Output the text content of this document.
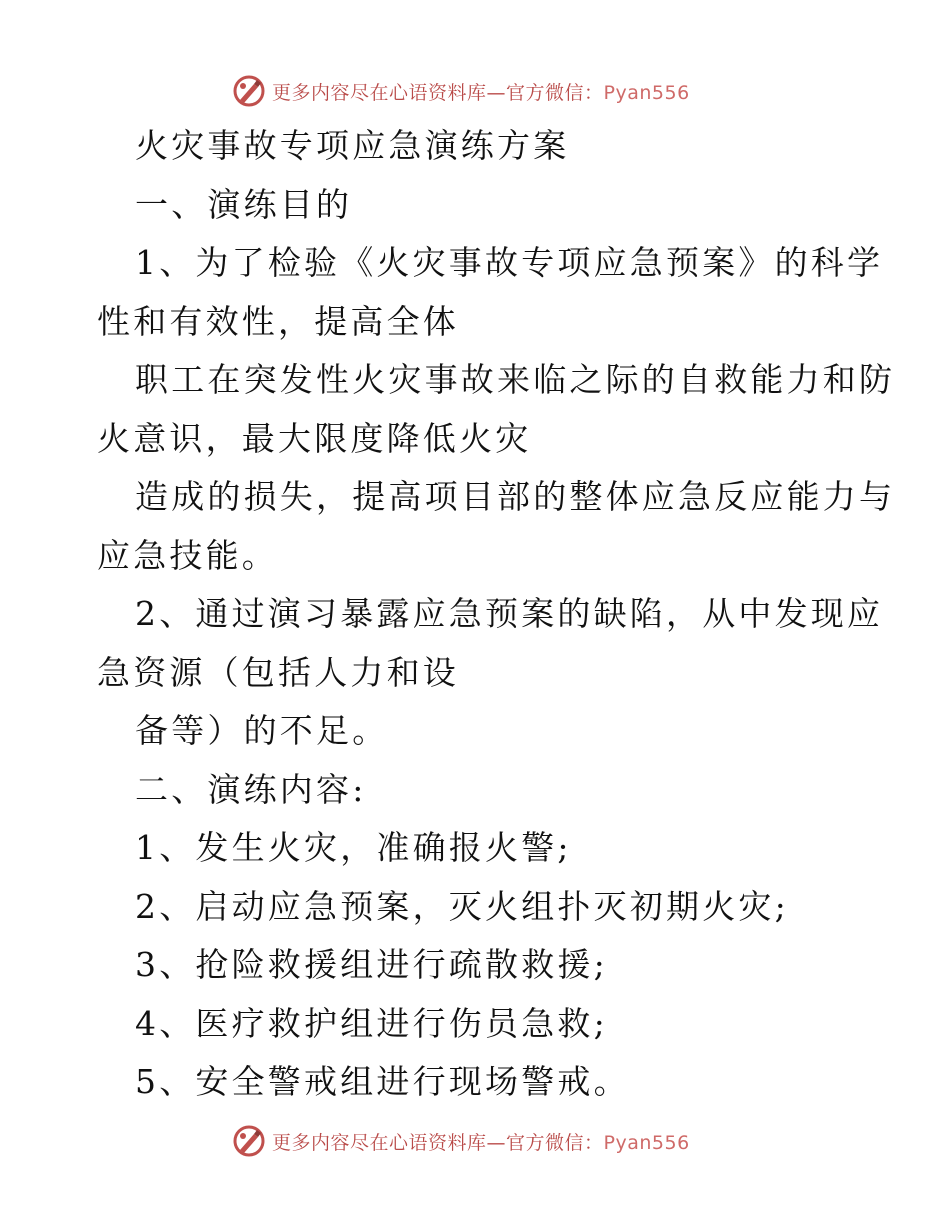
更多内容尽在心语资料库—官方微信：Pyan556
火灾事故专项应急演练方案
一、演练目的
1、为了检验《火灾事故专项应急预案》的科学
性和有效性，提高全体
职工在突发性火灾事故来临之际的自救能力和防
火意识，最大限度降低火灾
造成的损失，提高项目部的整体应急反应能力与
应急技能。
2、通过演习暴露应急预案的缺陷，从中发现应
急资源（包括人力和设
备等）的不足。
二、演练内容:
1、发生火灾，准确报火警;
2、启动应急预案，灭火组扑灭初期火灾;
3、抢险救援组进行疏散救援;
4、医疗救护组进行伤员急救;
5、安全警戒组进行现场警戒。
更多内容尽在心语资料库—官方微信：Pyan556
